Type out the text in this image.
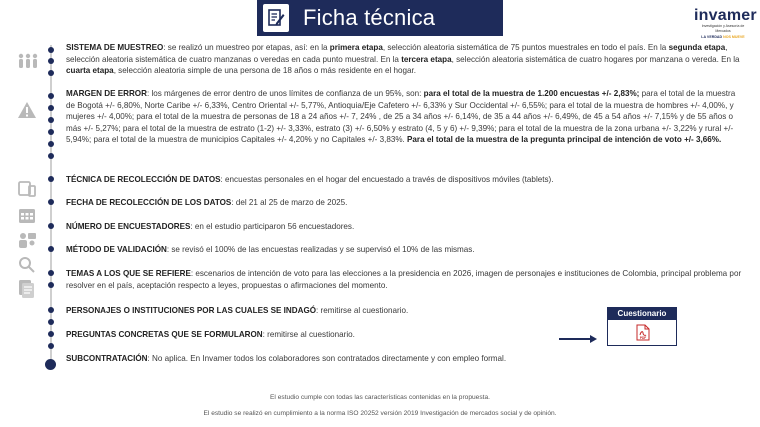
Ficha técnica	invamer
Investigación y Asesoría de Mercados
LA VERDAD NOS MUEVE
SISTEMA DE MUESTREO: se realizó un muestreo por etapas, así: en la primera etapa, selección aleatoria sistemática de 75 puntos muestrales en todo el país. En la segunda etapa, selección aleatoria sistemática de cuatro manzanas o veredas en cada punto muestral. En la tercera etapa, selección aleatoria sistemática de cuatro hogares por manzana o vereda. En la cuarta etapa, selección aleatoria simple de una persona de 18 años o más residente en el hogar.
MARGEN DE ERROR: los márgenes de error dentro de unos límites de confianza de un 95%, son: para el total de la muestra de 1.200 encuestas +/- 2,83%; para el total de la muestra de Bogotá +/- 6,80%, Norte Caribe +/- 6,33%, Centro Oriental +/- 5,77%, Antioquia/Eje Cafetero +/- 6,33% y Sur Occidental +/- 6,55%; para el total de la muestra de hombres +/- 4,00%, y mujeres +/- 4,00%; para el total de la muestra de personas de 18 a 24 años +/- 7, 24% , de 25 a 34 años +/- 6,14%, de 35 a 44 años +/- 6,49%, de 45 a 54 años +/- 7,15% y de 55 años o más +/- 5,27%; para el total de la muestra de estrato (1-2) +/- 3,33%, estrato (3) +/- 6,50% y estrato (4, 5 y 6) +/- 9,39%; para el total de la muestra de la zona urbana +/- 3,22% y rural +/- 5,94%; para el total de la muestra de municipios Capitales +/- 4,20% y no Capitales +/- 3,83%. Para el total de la muestra de la pregunta principal de intención de voto +/- 3,66%.
TÉCNICA DE RECOLECCIÓN DE DATOS: encuestas personales en el hogar del encuestado a través de dispositivos móviles (tablets).
FECHA DE RECOLECCIÓN DE LOS DATOS: del 21 al 25 de marzo de 2025.
NÚMERO DE ENCUESTADORES: en el estudio participaron 56 encuestadores.
MÉTODO DE VALIDACIÓN: se revisó el 100% de las encuestas realizadas y se supervisó el 10% de las mismas.
TEMAS A LOS QUE SE REFIERE: escenarios de intención de voto para las elecciones a la presidencia en 2026, imagen de personajes e instituciones de Colombia, principal problema por resolver en el país, aceptación respecto a leyes, propuestas o afirmaciones del momento.
PERSONAJES O INSTITUCIONES POR LAS CUALES SE INDAGÓ: remitirse al cuestionario.
PREGUNTAS CONCRETAS QUE SE FORMULARON: remitirse al cuestionario.
SUBCONTRATACIÓN: No aplica. En Invamer todos los colaboradores son contratados directamente y con empleo formal.
Cuestionario
PDF
El estudio cumple con todas las características contenidas en la propuesta.
El estudio se realizó en cumplimiento a la norma ISO 20252 versión 2019 Investigación de mercados social y de opinión.
